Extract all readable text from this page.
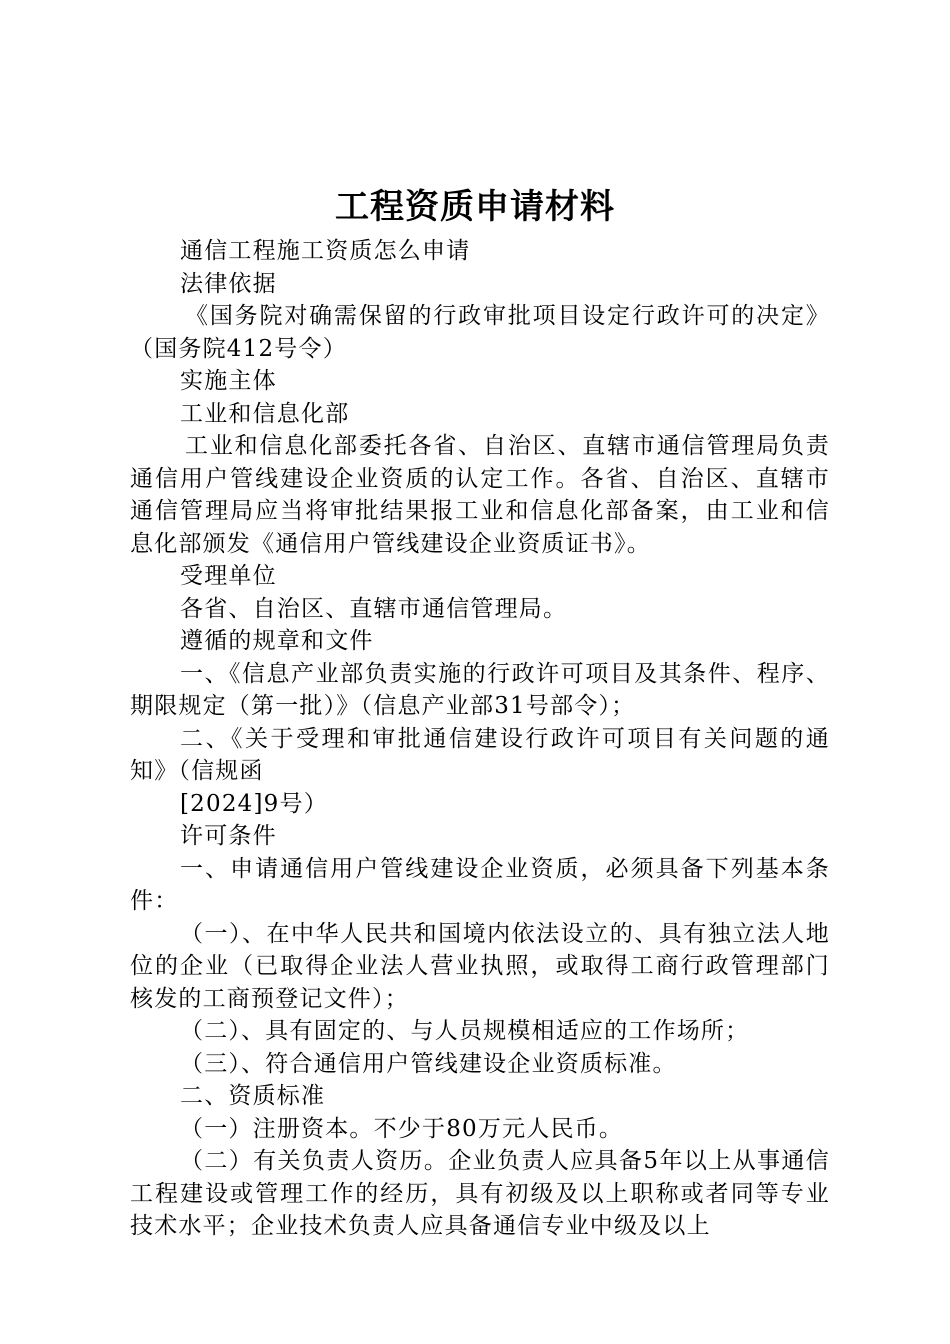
工程资质申请材料

通信工程施工资质怎么申请

法律依据

《国务院对确需保留的行政审批项目设定行政许可的决定》（国务院412号令）

实施主体

工业和信息化部

工业和信息化部委托各省、自治区、直辖市通信管理局负责通信用户管线建设企业资质的认定工作。各省、自治区、直辖市通信管理局应当将审批结果报工业和信息化部备案，由工业和信息化部颁发《通信用户管线建设企业资质证书》。

受理单位

各省、自治区、直辖市通信管理局。

遵循的规章和文件

一、《信息产业部负责实施的行政许可项目及其条件、程序、期限规定（第一批）》（信息产业部31号部令）；

二、《关于受理和审批通信建设行政许可项目有关问题的通知》（信规函

[2024]9号）

许可条件

一、申请通信用户管线建设企业资质，必须具备下列基本条件：

（一）、在中华人民共和国境内依法设立的、具有独立法人地位的企业（已取得企业法人营业执照，或取得工商行政管理部门核发的工商预登记文件）；

（二）、具有固定的、与人员规模相适应的工作场所；

（三）、符合通信用户管线建设企业资质标准。

二、资质标准

（一）注册资本。不少于80万元人民币。

（二）有关负责人资历。企业负责人应具备5年以上从事通信工程建设或管理工作的经历，具有初级及以上职称或者同等专业技术水平；企业技术负责人应具备通信专业中级及以上
